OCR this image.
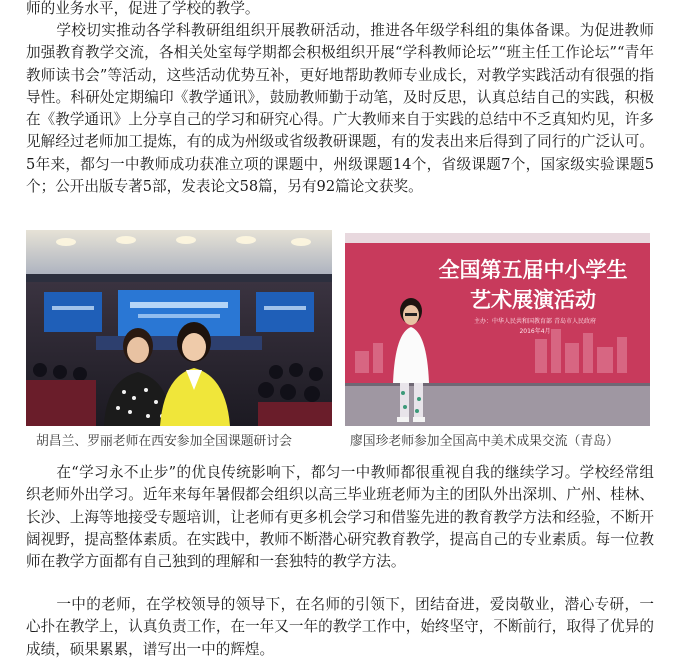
师的业务水平，促进了学校的教学。

学校切实推动各学科教研组组织开展教研活动，推进各年级学科组的集体备课。为促进教师加强教育教学交流，各相关处室每学期都会积极组织开展“学科教师论坛”“班主任工作论坛”“青年教师读书会”等活动，这些活动优势互补，更好地帮助教师专业成长，对教学实践活动有很强的指导性。科研处定期编印《教学通讯》，鼓励教师勤于动笔，及时反思，认真总结自己的实践，积极在《教学通讯》上分享自己的学习和研究心得。广大教师来自于实践的总结中不乏真知灼见，许多见解经过老师加工提炼，有的成为州级或省级教研课题，有的发表出来后得到了同行的广泛认可。5年来，都匀一中教师成功获准立项的课题中，州级课题14个，省级课题7个，国家级实验课题5个；公开出版专著5部，发表论文58篇，另有92篇论文获奖。

全国第五届中小学生
艺术展演活动
主办：中华人民共和国教育部 青岛市人民政府
2016年4月
胡昌兰、罗丽老师在西安参加全国课题研讨会	廖国珍老师参加全国高中美术成果交流（青岛）

在“学习永不止步”的优良传统影响下，都匀一中教师都很重视自我的继续学习。学校经常组织老师外出学习。近年来每年暑假都会组织以高三毕业班老师为主的团队外出深圳、广州、桂林、长沙、上海等地接受专题培训，让老师有更多机会学习和借鉴先进的教育教学方法和经验，不断开阔视野，提高整体素质。在实践中，教师不断潜心研究教育教学，提高自己的专业素质。每一位教师在教学方面都有自己独到的理解和一套独特的教学方法。

一中的老师，在学校领导的领导下，在名师的引领下，团结奋进，爱岗敬业，潜心专研，一心扑在教学上，认真负责工作，在一年又一年的教学工作中，始终坚守，不断前行，取得了优异的成绩，硕果累累，谱写出一中的辉煌。
